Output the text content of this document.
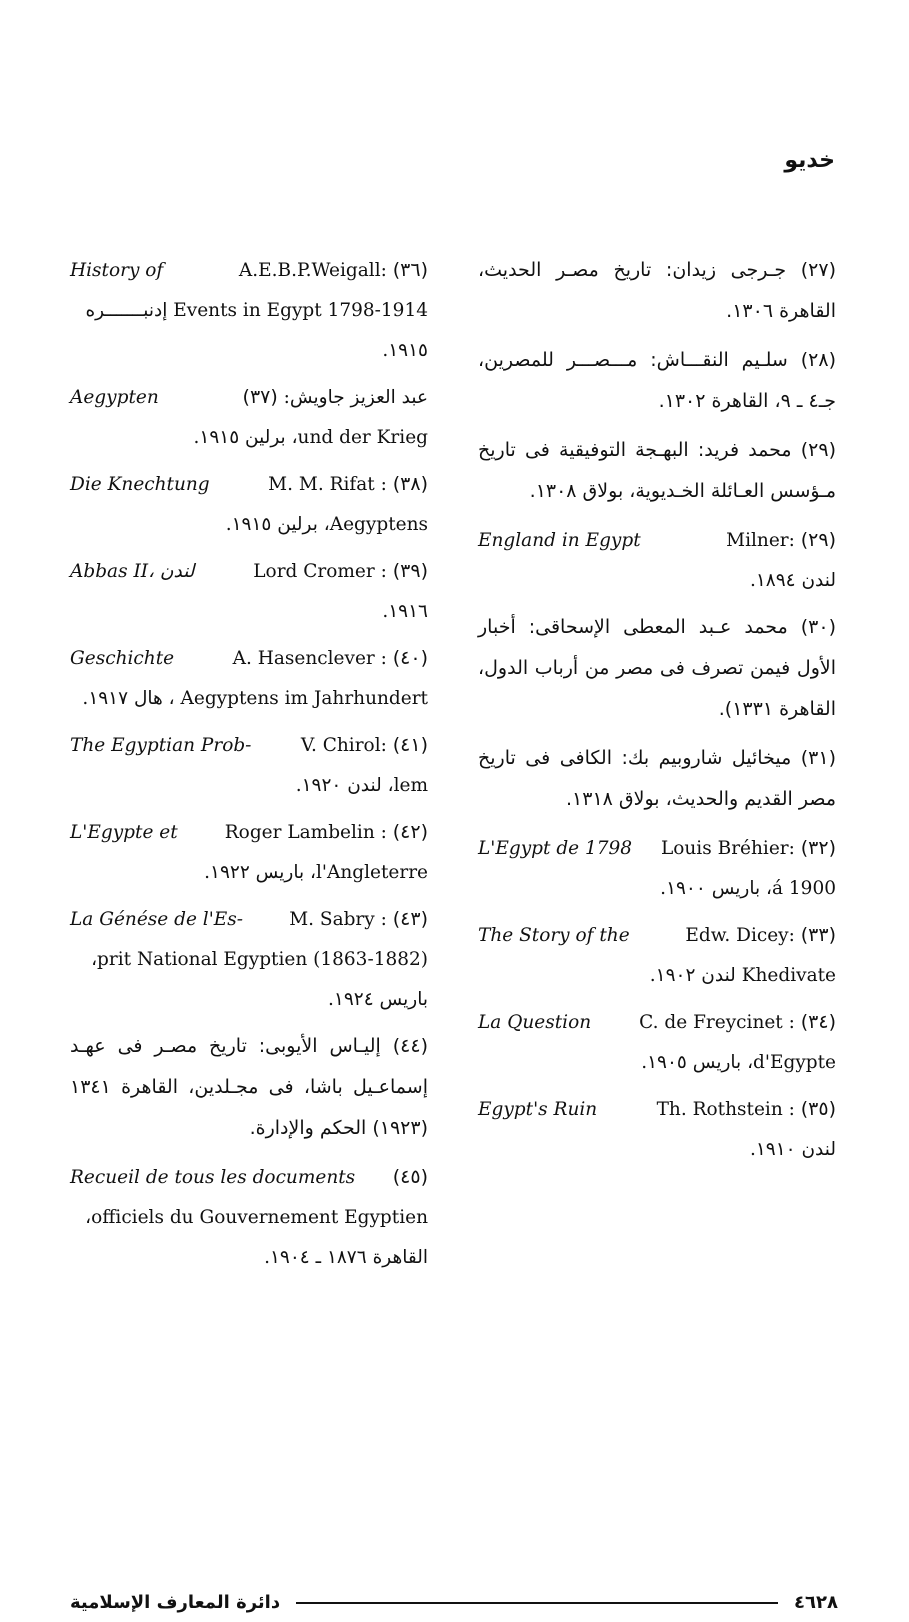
خديو
(٢٧) جـرجى زيدان: تاريخ مصـر الحديث، القاهرة ١٣٠٦.
(٢٨) سلـيم النقـــاش: مـــصـــر للمصرين، جـ٤ ـ ٩، القاهرة ١٣٠٢.
(٢٩) محمد فريد: البهـجة التوفيقية فى تاريخ مـؤسس العـائلة الخـديوية، بولاق ١٣٠٨.
England in Egypt	Milner: (٢٩)
لندن ١٨٩٤.
(٣٠) محمد عـبد المعطى الإسحاقى: أخبار الأول فيمن تصرف فى مصر من أرباب الدول، القاهرة ١٣٣١).
(٣١) ميخائيل شاروبيم بك: الكافى فى تاريخ مصر القديم والحديث، بولاق ١٣١٨.
L'Egypt de 1798 Louis Bréhier: (٣٢)
á 1900، باريس ١٩٠٠.
The Story of the	Edw. Dicey: (٣٣)
Khedivate لندن ١٩٠٢.
La Question	C. de Freycinet : (٣٤)
d'Egypte، باريس ١٩٠٥.
Egypt's Ruin	Th. Rothstein : (٣٥)
لندن ١٩١٠.
History of	A.E.B.P.Weigall: (٣٦)
Events in Egypt 1798-1914 إدنبـــــــره ١٩١٥.
Aegypten	عبد العزيز جاويش: (٣٧)
und der Krieg، برلين ١٩١٥.
Die Knechtung	M. M. Rifat : (٣٨)
Aegyptens، برلين ١٩١٥.
Abbas II، لندن	Lord Cromer : (٣٩)
١٩١٦.
Geschichte	A. Hasenclever : (٤٠)
Aegyptens im Jahrhundert ، هال ١٩١٧.
The Egyptian Prob-	V. Chirol: (٤١)
lem، لندن ١٩٢٠.
L'Egypte et	Roger Lambelin : (٤٢)
l'Angleterre، باريس ١٩٢٢.
La Génése de l'Es- M. Sabry : (٤٣)
prit National Egyptien (1863-1882)، باريس ١٩٢٤.
(٤٤) إليـاس الأيوبى: تاريخ مصـر فى عهـد إسماعـيل باشا، فى مجـلدين، القاهرة ١٣٤١ (١٩٢٣) الحكم والإدارة.
Recueil de tous les documents (٤٥)
officiels du Gouvernement Egyptien، القاهرة ١٨٧٦ ـ ١٩٠٤.
دائرة المعارف الإسلامية	٤٦٢٨
